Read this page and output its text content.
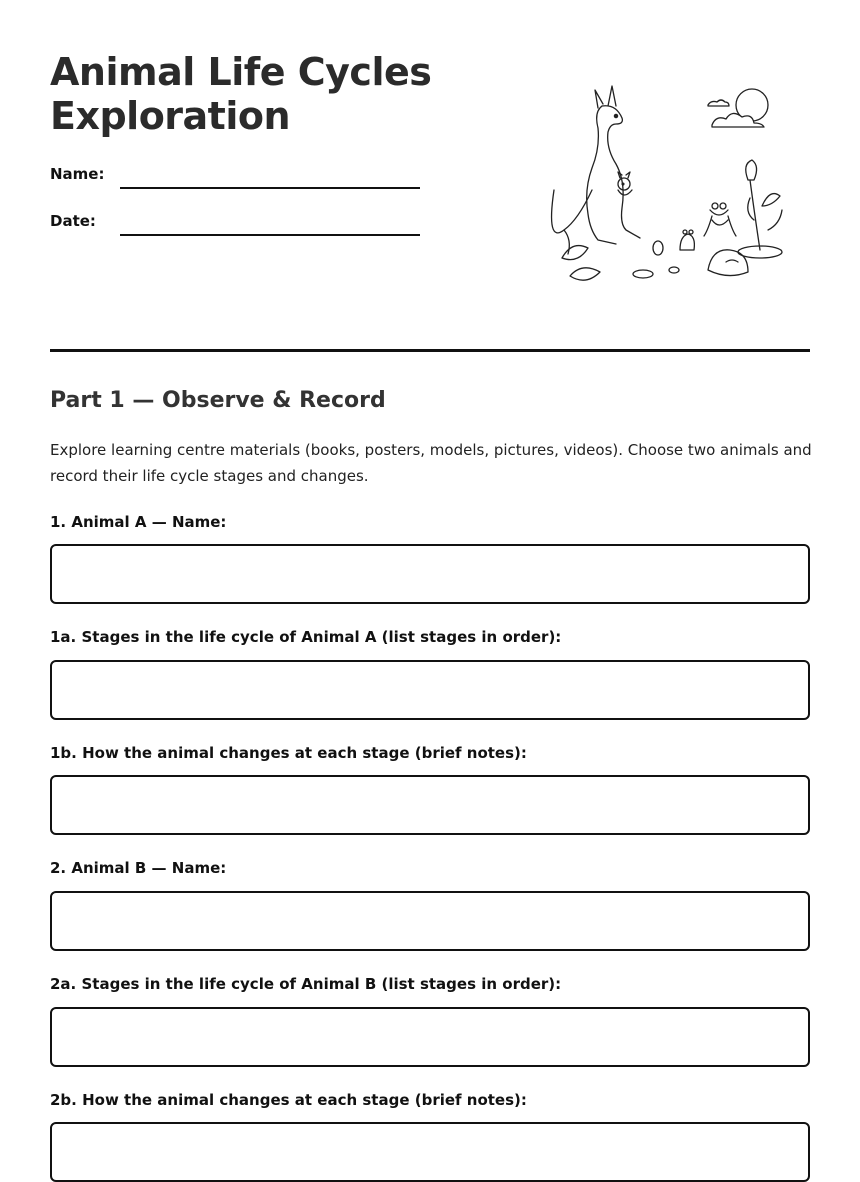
Animal Life Cycles
Exploration
Name:
Date:
Part 1 — Observe & Record

Explore learning centre materials (books, posters, models, pictures, videos). Choose two animals and record their life cycle stages and changes.

1. Animal A — Name:

1a. Stages in the life cycle of Animal A (list stages in order):

1b. How the animal changes at each stage (brief notes):

2. Animal B — Name:

2a. Stages in the life cycle of Animal B (list stages in order):

2b. How the animal changes at each stage (brief notes):
